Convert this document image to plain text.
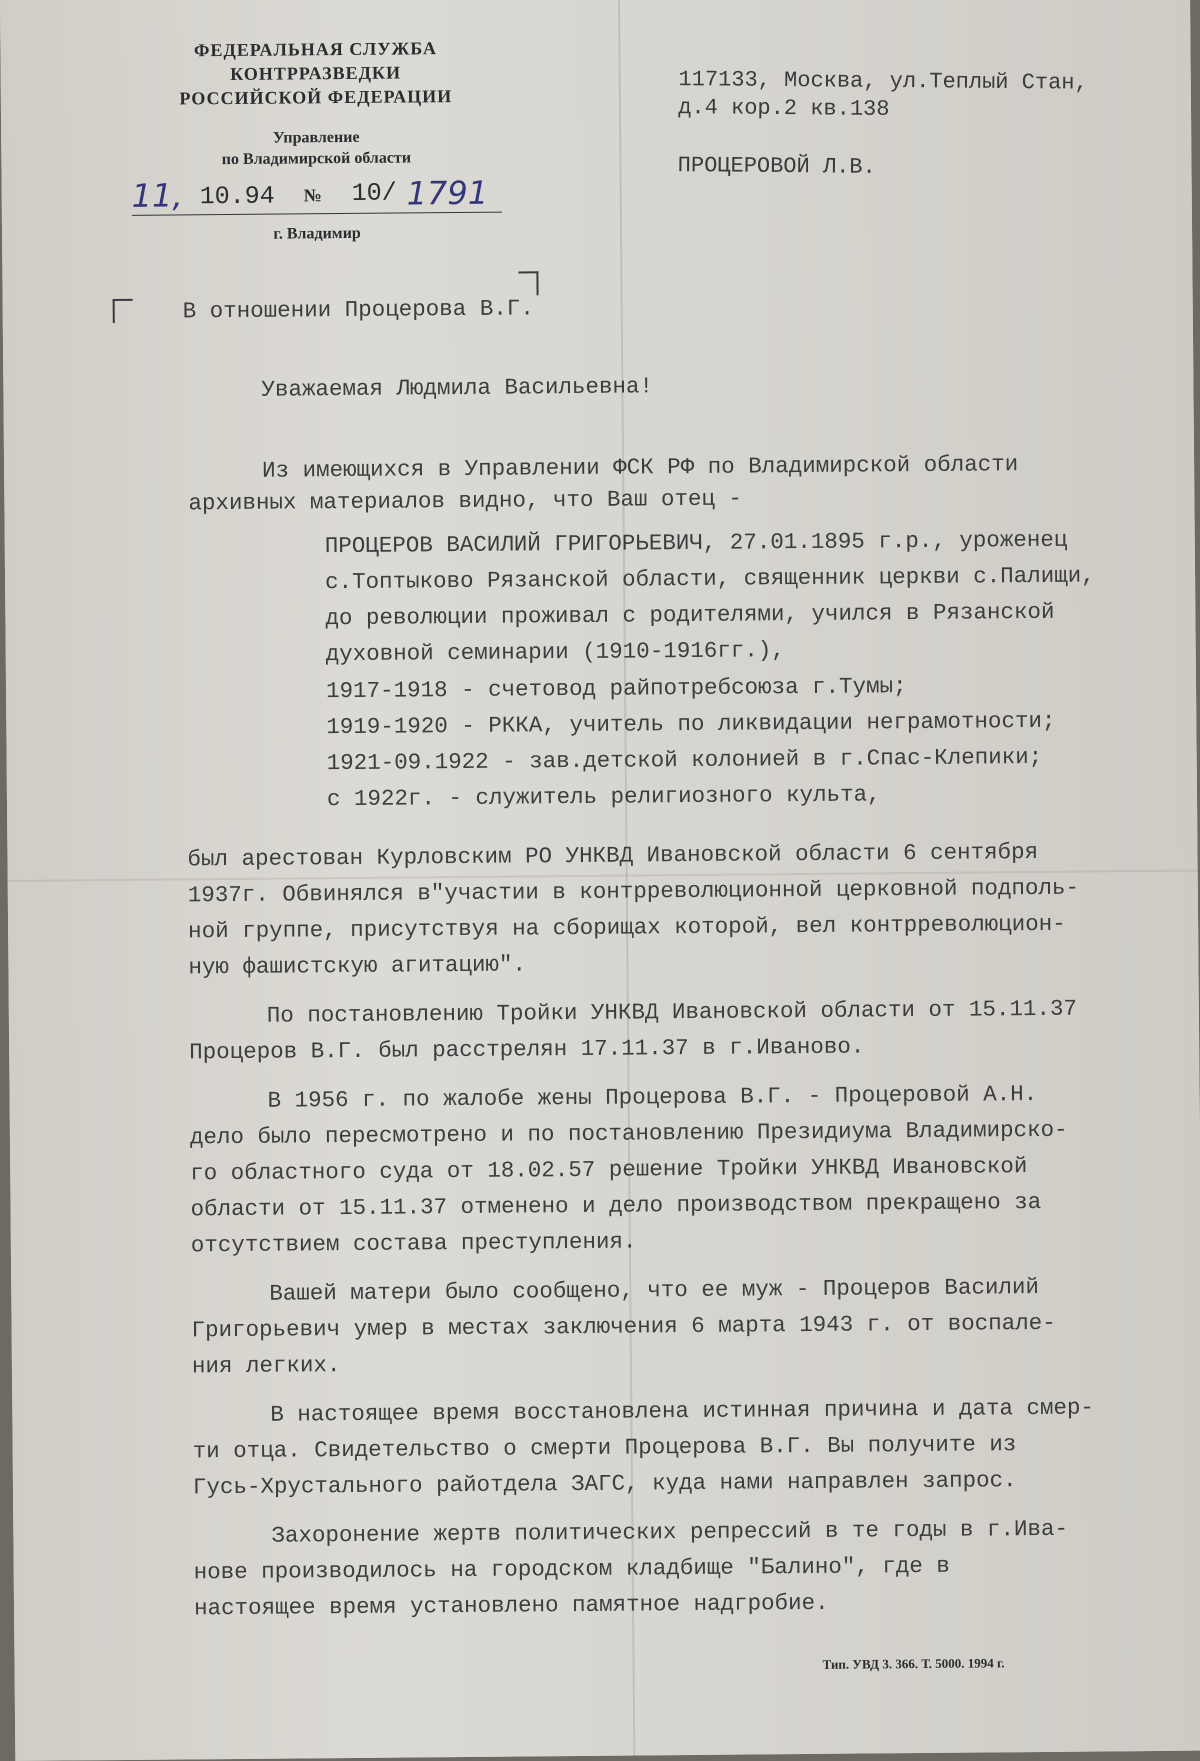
ФЕДЕРАЛЬНАЯ СЛУЖБА
КОНТРРАЗВЕДКИ
РОССИЙСКОЙ ФЕДЕРАЦИИ
Управление
по Владимирской области
11, 10.94 № 10/ 1791
г. Владимир
117133, Москва, ул.Теплый Стан,
д.4 кор.2 кв.138
ПРОЦЕРОВОЙ Л.В.
В отношении Процерова В.Г.
Уважаемая Людмила Васильевна!
Из имеющихся в Управлении ФСК РФ по Владимирской области
архивных материалов видно, что Ваш отец -
ПРОЦЕРОВ ВАСИЛИЙ ГРИГОРЬЕВИЧ, 27.01.1895 г.р., уроженец
с.Топтыково Рязанской области, священник церкви с.Палищи,
до революции проживал с родителями, учился в Рязанской
духовной семинарии (1910-1916гг.),
1917-1918 - счетовод райпотребсоюза г.Тумы;
1919-1920 - РККА, учитель по ликвидации неграмотности;
1921-09.1922 - зав.детской колонией в г.Спас-Клепики;
с 1922г. - служитель религиозного культа,
был арестован Курловским РО УНКВД Ивановской области 6 сентября
1937г. Обвинялся в"участии в контрреволюционной церковной подполь-
ной группе, присутствуя на сборищах которой, вел контрреволюцион-
ную фашистскую агитацию".
По постановлению Тройки УНКВД Ивановской области от 15.11.37
Процеров В.Г. был расстрелян 17.11.37 в г.Иваново.
В 1956 г. по жалобе жены Процерова В.Г. - Процеровой А.Н.
дело было пересмотрено и по постановлению Президиума Владимирско-
го областного суда от 18.02.57 решение Тройки УНКВД Ивановской
области от 15.11.37 отменено и дело производством прекращено за
отсутствием состава преступления.
Вашей матери было сообщено, что ее муж - Процеров Василий
Григорьевич умер в местах заключения 6 марта 1943 г. от воспале-
ния легких.
В настоящее время восстановлена истинная причина и дата смер-
ти отца. Свидетельство о смерти Процерова В.Г. Вы получите из
Гусь-Хрустального райотдела ЗАГС, куда нами направлен запрос.
Захоронение жертв политических репрессий в те годы в г.Ива-
нове производилось на городском кладбище "Балино", где в
настоящее время установлено памятное надгробие.
Тип. УВД 3. 366. Т. 5000. 1994 г.
